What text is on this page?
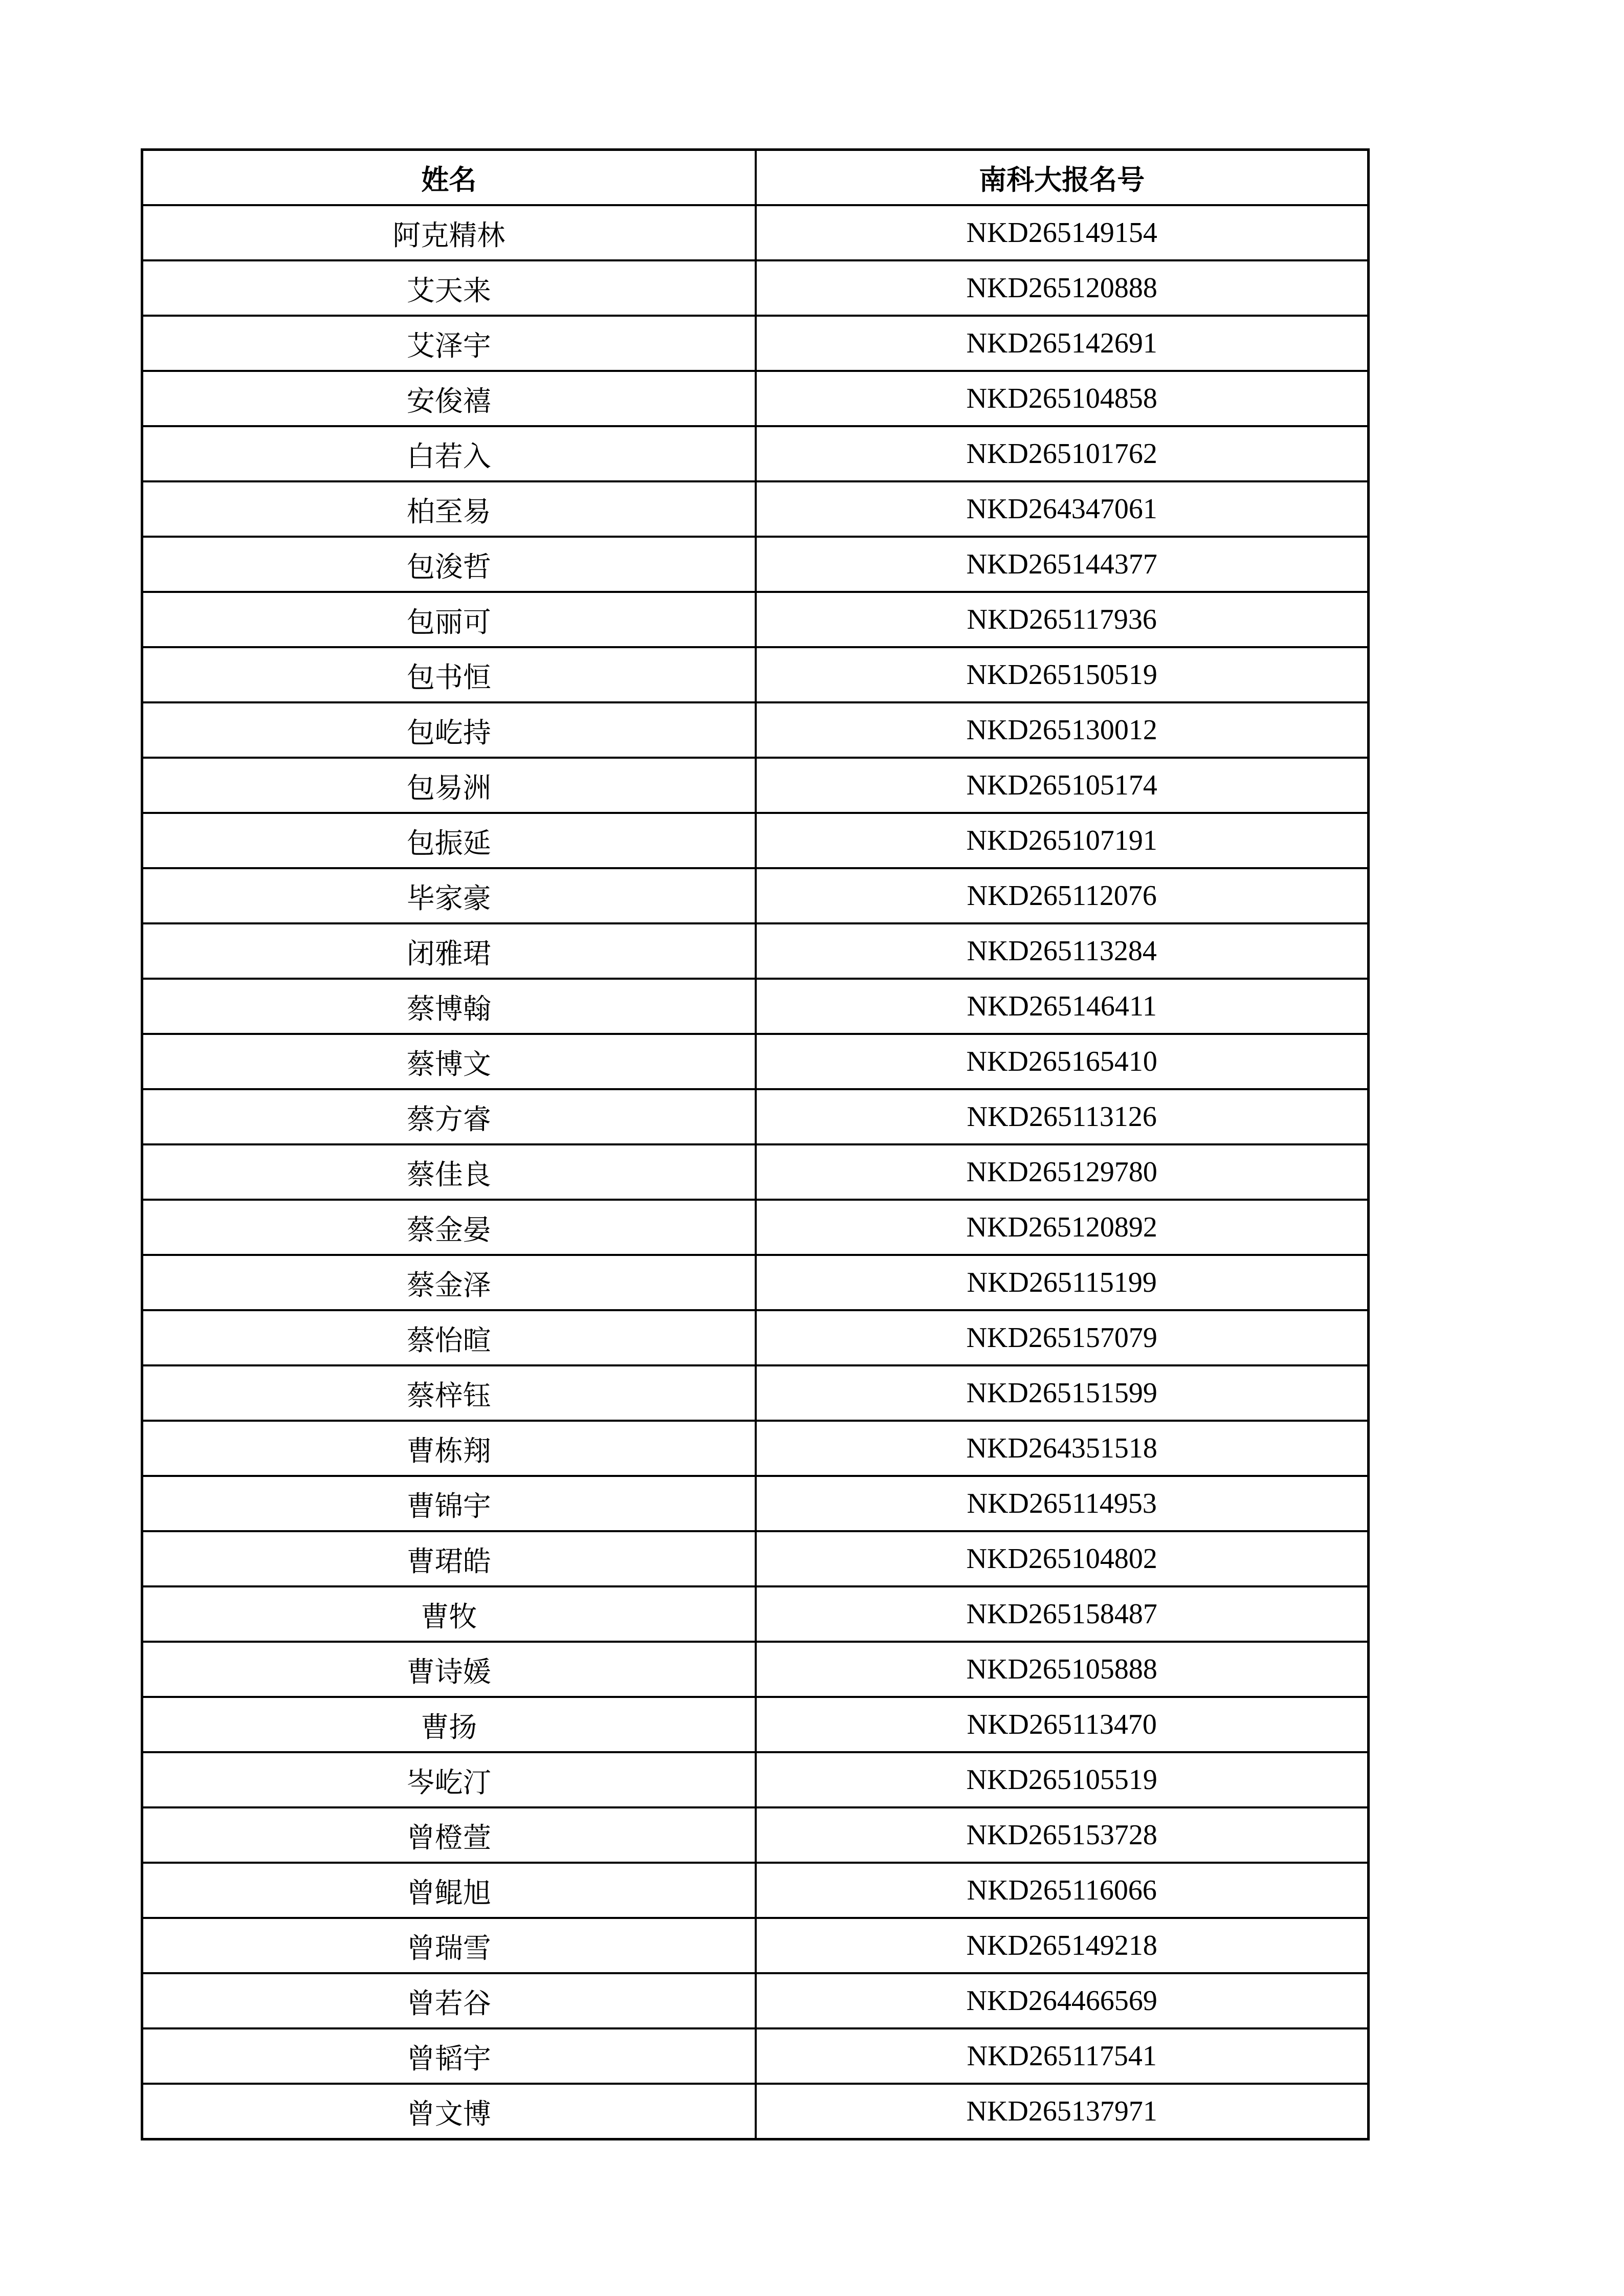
姓名	南科大报名号
阿克精林	NKD265149154
艾天来	NKD265120888
艾泽宇	NKD265142691
安俊禧	NKD265104858
白若入	NKD265101762
柏至易	NKD264347061
包浚哲	NKD265144377
包丽可	NKD265117936
包书恒	NKD265150519
包屹持	NKD265130012
包易洲	NKD265105174
包振延	NKD265107191
毕家豪	NKD265112076
闭雅珺	NKD265113284
蔡博翰	NKD265146411
蔡博文	NKD265165410
蔡方睿	NKD265113126
蔡佳良	NKD265129780
蔡金晏	NKD265120892
蔡金泽	NKD265115199
蔡怡暄	NKD265157079
蔡梓钰	NKD265151599
曹栋翔	NKD264351518
曹锦宇	NKD265114953
曹珺皓	NKD265104802
曹牧	NKD265158487
曹诗媛	NKD265105888
曹扬	NKD265113470
岑屹汀	NKD265105519
曾橙萱	NKD265153728
曾鲲旭	NKD265116066
曾瑞雪	NKD265149218
曾若谷	NKD264466569
曾韬宇	NKD265117541
曾文博	NKD265137971
